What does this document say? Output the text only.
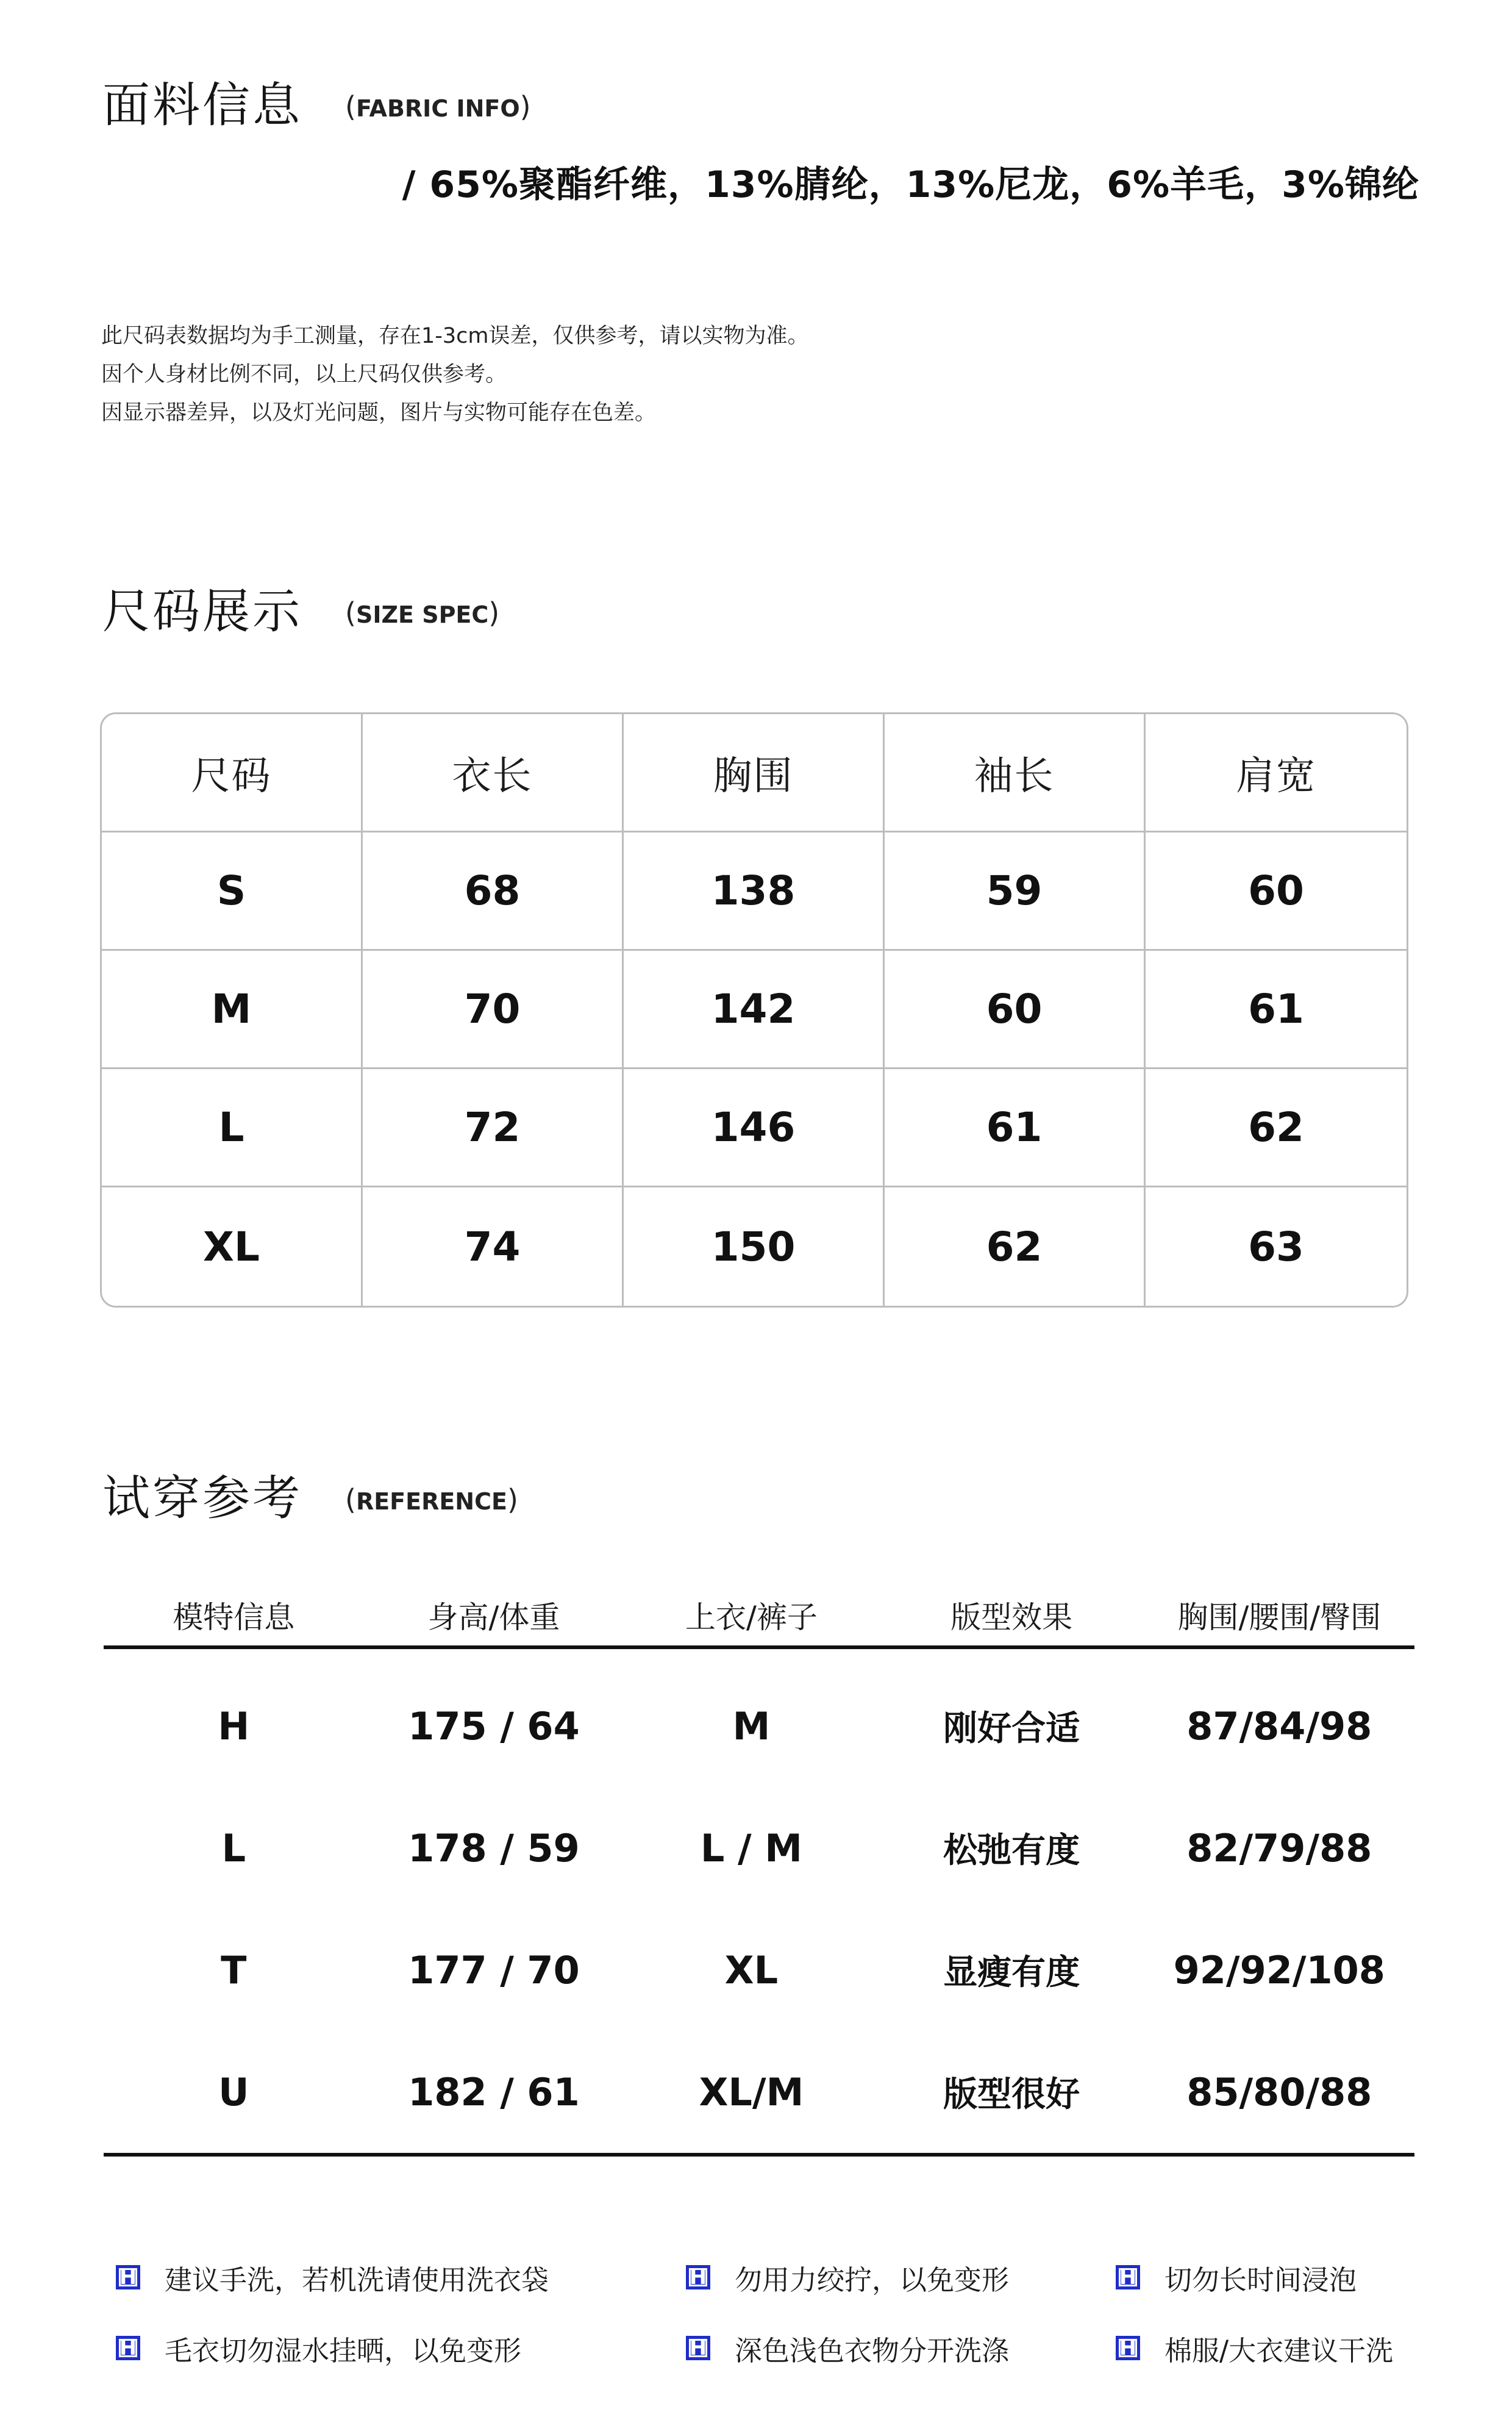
面料信息 (FABRIC INFO)
/ 65%聚酯纤维，13%腈纶，13%尼龙，6%羊毛，3%锦纶
此尺码表数据均为手工测量，存在1-3cm误差，仅供参考，请以实物为准。
因个人身材比例不同，以上尺码仅供参考。
因显示器差异，以及灯光问题，图片与实物可能存在色差。
尺码展示 (SIZE SPEC)
尺码	衣长	胸围	袖长	肩宽
S	68	138	59	60
M	70	142	60	61
L	72	146	61	62
XL	74	150	62	63
试穿参考 (REFERENCE)
模特信息	身高/体重	上衣/裤子	版型效果	胸围/腰围/臀围
H	175 / 64	M	刚好合适	87/84/98
L	178 / 59	L / M	松弛有度	82/79/88
T	177 / 70	XL	显瘦有度	92/92/108
U	182 / 61	XL/M	版型很好	85/80/88
H 建议手洗，若机洗请使用洗衣袋	H 勿用力绞拧，以免变形	H 切勿长时间浸泡
H 毛衣切勿湿水挂晒，以免变形	H 深色浅色衣物分开洗涤	H 棉服/大衣建议干洗
